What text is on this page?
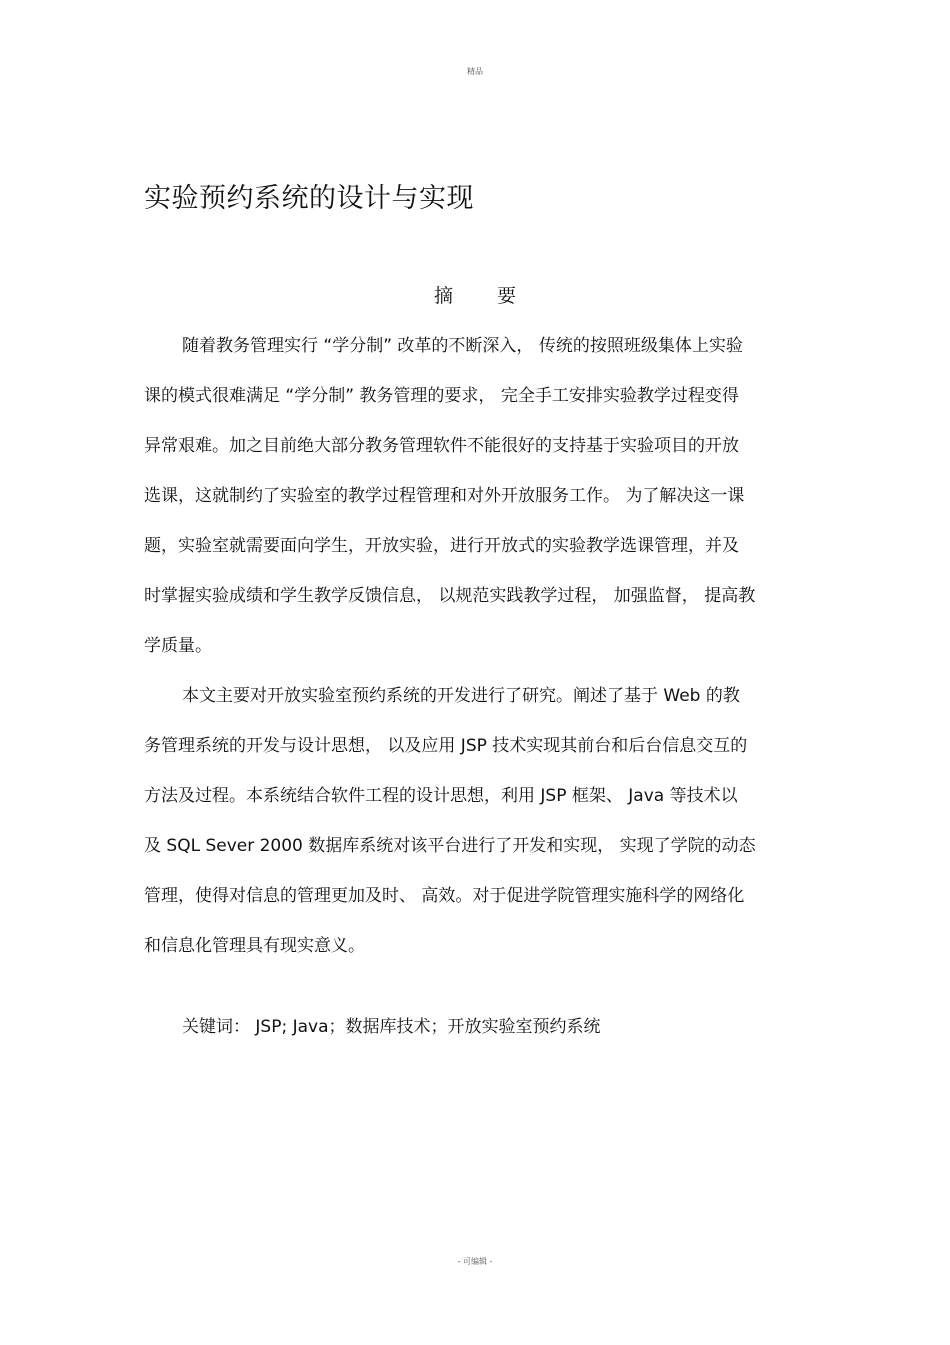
精品
实验预约系统的设计与实现
摘要
随着教务管理实行 “学分制” 改革的不断深入， 传统的按照班级集体上实验
课的模式很难满足 “学分制” 教务管理的要求， 完全手工安排实验教学过程变得
异常艰难。加之目前绝大部分教务管理软件不能很好的支持基于实验项目的开放
选课，这就制约了实验室的教学过程管理和对外开放服务工作。 为了解决这一课
题，实验室就需要面向学生，开放实验，进行开放式的实验教学选课管理，并及
时掌握实验成绩和学生教学反馈信息， 以规范实践教学过程， 加强监督， 提高教
学质量。
本文主要对开放实验室预约系统的开发进行了研究。阐述了基于 Web 的教
务管理系统的开发与设计思想， 以及应用 JSP 技术实现其前台和后台信息交互的
方法及过程。本系统结合软件工程的设计思想，利用 JSP 框架、 Java 等技术以
及 SQL Sever 2000 数据库系统对该平台进行了开发和实现， 实现了学院的动态
管理，使得对信息的管理更加及时、 高效。对于促进学院管理实施科学的网络化
和信息化管理具有现实意义。
关键词： JSP; Java；数据库技术；开放实验室预约系统
- 可编辑 -
